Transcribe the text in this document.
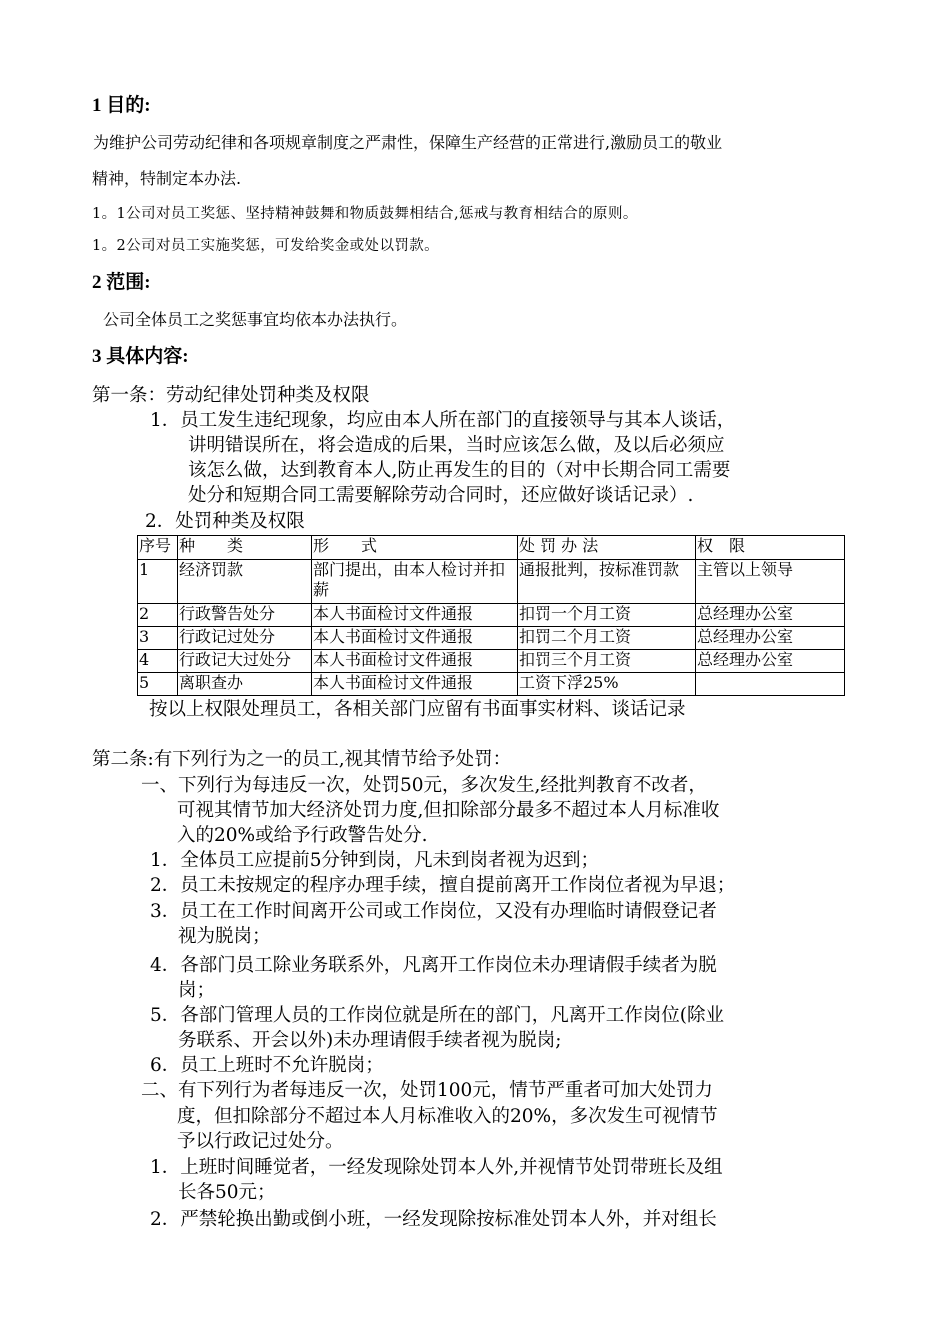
1 目的:
为维护公司劳动纪律和各项规章制度之严肃性，保障生产经营的正常进行,激励员工的敬业
精神，特制定本办法.
1。1公司对员工奖惩、坚持精神鼓舞和物质鼓舞相结合,惩戒与教育相结合的原则。
1。2公司对员工实施奖惩，可发给奖金或处以罚款。
2 范围:
公司全体员工之奖惩事宜均依本办法执行。
3 具体内容:
第一条：劳动纪律处罚种类及权限
1．员工发生违纪现象，均应由本人所在部门的直接领导与其本人谈话，
讲明错误所在，将会造成的后果，当时应该怎么做，及以后必须应
该怎么做，达到教育本人,防止再发生的目的（对中长期合同工需要
处分和短期合同工需要解除劳动合同时，还应做好谈话记录）.
2．处罚种类及权限
序号	种　　类	形　　式	处 罚 办 法	权　限
1	经济罚款	部门提出，由本人检讨并扣薪	通报批判，按标准罚款	主管以上领导
2	行政警告处分	本人书面检讨文件通报	扣罚一个月工资	总经理办公室
3	行政记过处分	本人书面检讨文件通报	扣罚二个月工资	总经理办公室
4	行政记大过处分	本人书面检讨文件通报	扣罚三个月工资	总经理办公室
5	离职查办	本人书面检讨文件通报	工资下浮25%	
按以上权限处理员工，各相关部门应留有书面事实材料、谈话记录
第二条:有下列行为之一的员工,视其情节给予处罚：
一、下列行为每违反一次，处罚50元，多次发生,经批判教育不改者，
可视其情节加大经济处罚力度,但扣除部分最多不超过本人月标准收
入的20%或给予行政警告处分.
1．全体员工应提前5分钟到岗，凡未到岗者视为迟到；
2．员工未按规定的程序办理手续，擅自提前离开工作岗位者视为早退；
3．员工在工作时间离开公司或工作岗位，又没有办理临时请假登记者
视为脱岗；
4．各部门员工除业务联系外，凡离开工作岗位未办理请假手续者为脱
岗；
5．各部门管理人员的工作岗位就是所在的部门，凡离开工作岗位(除业
务联系、开会以外)未办理请假手续者视为脱岗;
6．员工上班时不允许脱岗；
二、有下列行为者每违反一次，处罚100元，情节严重者可加大处罚力
度，但扣除部分不超过本人月标准收入的20%，多次发生可视情节
予以行政记过处分。
1．上班时间睡觉者，一经发现除处罚本人外,并视情节处罚带班长及组
长各50元；
2．严禁轮换出勤或倒小班，一经发现除按标准处罚本人外，并对组长
